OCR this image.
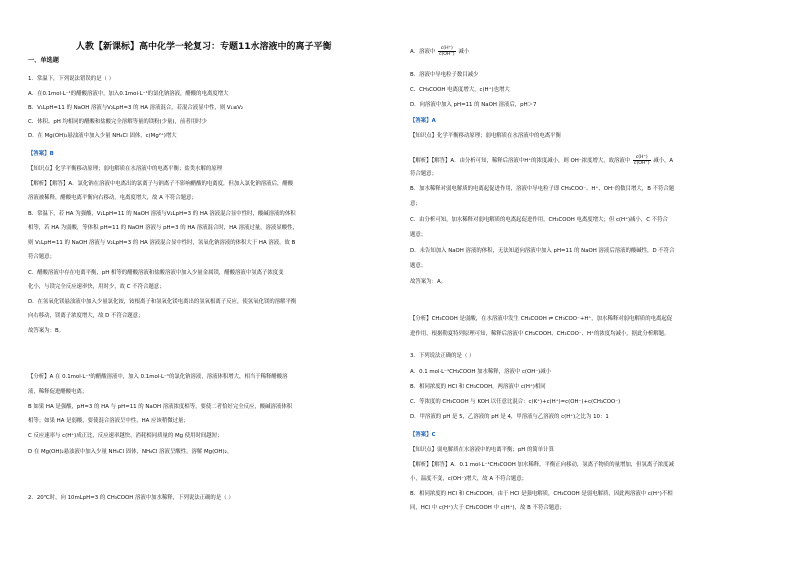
人教【新课标】高中化学一轮复习：专题11水溶液中的离子平衡
一、单选题
1．常温下，下列说法错误的是（ ）
A．在0.1mol·L⁻¹的醋酸溶液中，加入0.1mol·L⁻¹的氯化钠溶液，醋酸的电离度增大
B．V₁LpH=11 的 NaOH 溶液与V₂LpH=3 的 HA 溶液混合，若混合液显中性，则 V₁≤V₂
C．体积、pH 均相同的醋酸和盐酸完全溶解等量的镁粉(少量)，前者用时少
D．在 Mg(OH)₂悬浊液中加入少量 NH₄Cl 固体，c(Mg²⁺)增大
【答案】B
【知识点】化学平衡移动原理；弱电解质在水溶液中的电离平衡；盐类水解的原理
【解析】【解答】A．氯化钠在溶液中电离出的氯离子与钠离子不影响醋酸的电离度，但加入氯化钠溶液后，醋酸
溶液被稀释，醋酸电离平衡向右移动，电离度增大，故 A 不符合题意；
B．常温下，若 HA 为强酸，V₁LpH=11 的 NaOH 溶液与V₂LpH=3 的 HA 溶液混合显中性时，酸碱溶液的体积
相等，若 HA 为弱酸，等体积 pH=11 的 NaOH 溶液与 pH=3 的 HA 溶液混合时，HA 溶液过量，溶液显酸性，
则 V₁LpH=11 的 NaOH 溶液与 V₂LpH=3 的 HA 溶液混合显中性时，氢氧化钠溶液的体积大于 HA 溶液，故 B
符合题意；
C．醋酸溶液中存在电离平衡，pH 相等的醋酸溶液和盐酸溶液中加入少量金属镁，醋酸溶液中氢离子浓度变
化小，与镁完全反应速率快，用时少，故 C 不符合题意；
D．在氢氧化镁悬浊液中加入少量氯化铵，铵根离子和氢氧化镁电离出的氢氧根离子反应，使氢氧化镁的溶解平衡
向右移动，镁离子浓度增大，故 D 不符合题意；
故答案为：B。
【分析】A 在 0.1mol·L⁻¹的醋酸溶液中，加入 0.1mol·L⁻¹的氯化钠溶液，溶液体积增大，相当于稀释醋酸溶
液，稀释促进醋酸电离；
B 如果 HA 是强酸，pH=3 的 HA 与 pH=11 的 NaOH 溶液浓度相等，要使二者恰好完全反应，酸碱溶液体积
相等；如果 HA 是弱酸，要使混合溶液呈中性，HA 应该稍微过量；
C 反应速率与 c(H⁺)成正比，反应速率越快，消耗相同质量的 Mg 使用时间越短；
D 在 Mg(OH)₂悬浊液中加入少量 NH₄Cl 固体，NH₄Cl 溶液呈酸性，溶解 Mg(OH)₂。
2．20℃时，向 10mLpH=3 的 CH₃COOH 溶液中加水稀释，下列说法正确的是（ ）
A．溶液中 $\frac{c(H^+)}{c(OH^-)}$ 减小
B．溶液中导电粒子数目减少
C．CH₃COOH 电离度增大，c(H⁺)也增大
D．向溶液中加入 pH=11 的 NaOH 溶液后，pH＞7
【答案】A
【知识点】化学平衡移动原理；弱电解质在水溶液中的电离平衡
【解析】【解答】A．由分析可知，稀释后溶液中H⁺的浓度减小，则 OH⁻浓度增大，故溶液中 $\frac{c(H^+)}{c(OH^-)}$ 减小，A
符合题意；
B．加水稀释对弱电解质的电离起促进作用，溶液中导电粒子即 CH₃COO⁻、H⁺、OH⁻的数目增大，B 不符合题
意；
C．由分析可知，加水稀释对弱电解质的电离起促进作用，CH₃COOH 电离度增大；但 c(H⁺)减小，C 不符合
题意；
D．未告知加入 NaOH 溶液的体积，无法知道向溶液中加入 pH=11 的 NaOH 溶液后溶液的酸碱性，D 不符合
题意；
故答案为：A。
【分析】CH₃COOH 是弱酸，在水溶液中发生 CH₃COOH ⇌ CH₃COO⁻+H⁺，加水稀释对弱电解质的电离起促
进作用，根据勒夏特列原理可知，稀释后溶液中 CH₃COOH、CH₃COO⁻、H⁺的浓度均减小，据此分析解题。
3．下列说法正确的是（ ）
A．0.1 mol·L⁻¹CH₃COOH 加水稀释，溶液中 c(OH⁻)减小
B．相同浓度的 HCl 和 CH₃COOH，两溶液中 c(H⁺)相同
C．等浓度的 CH₃COOH 与 KOH 以任意比混合：c(K⁺)+c(H⁺)=c(OH⁻)+c(CH₃COO⁻)
D．甲溶液的 pH 是 5，乙溶液的 pH 是 4，甲溶液与乙溶液的 c(H⁺)之比为 10：1
【答案】C
【知识点】弱电解质在水溶液中的电离平衡；pH 的简单计算
【解析】【解答】A．0.1 mol·L⁻¹CH₃COOH 加水稀释，平衡正向移动，氢离子物质的量增加，但氢离子浓度减
小，温度不变，c(OH⁻)增大，故 A 不符合题意；
B．相同浓度的 HCl 和 CH₃COOH，由于 HCl 是强电解质，CH₃COOH 是弱电解质，因此两溶液中 c(H⁺)不相
同，HCl 中 c(H⁺)大于 CH₃COOH 中 c(H⁺)，故 B 不符合题意；
